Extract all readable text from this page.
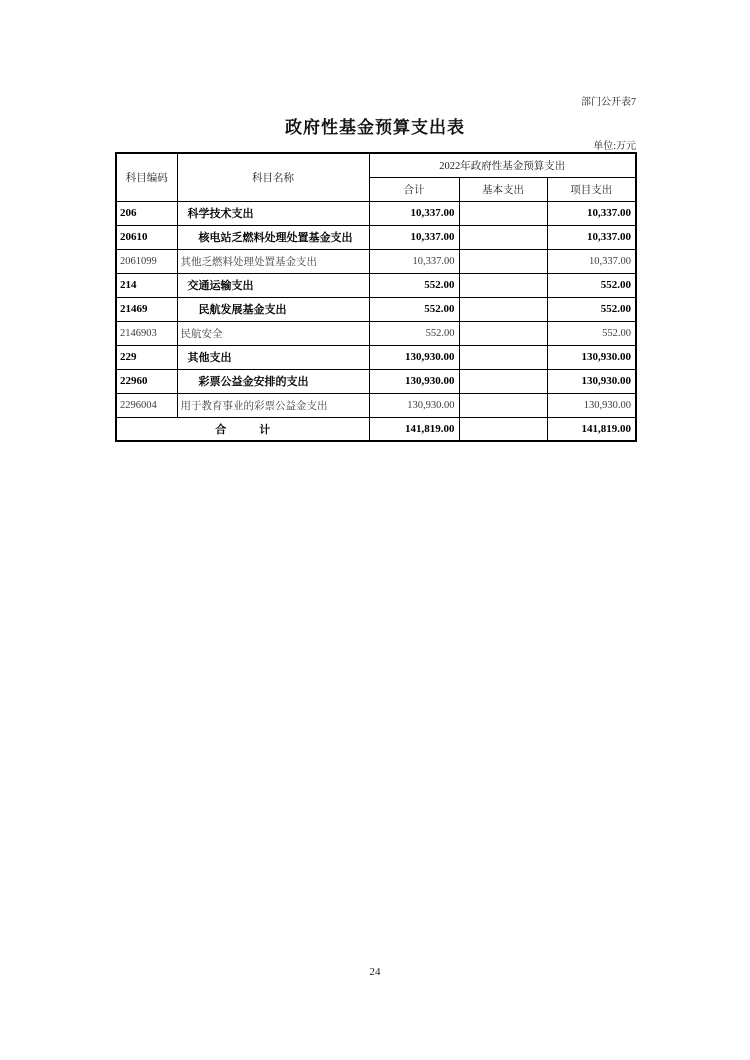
部门公开表7
政府性基金预算支出表
单位:万元
科目编码	科目名称	2022年政府性基金预算支出		
		合计	基本支出	项目支出
206	科学技术支出	10,337.00		10,337.00
20610	核电站乏燃料处理处置基金支出	10,337.00		10,337.00
2061099	其他乏燃料处理处置基金支出	10,337.00		10,337.00
214	交通运输支出	552.00		552.00
21469	民航发展基金支出	552.00		552.00
2146903	民航安全	552.00		552.00
229	其他支出	130,930.00		130,930.00
22960	彩票公益金安排的支出	130,930.00		130,930.00
2296004	用于教育事业的彩票公益金支出	130,930.00		130,930.00
合　　　计		141,819.00		141,819.00
24
